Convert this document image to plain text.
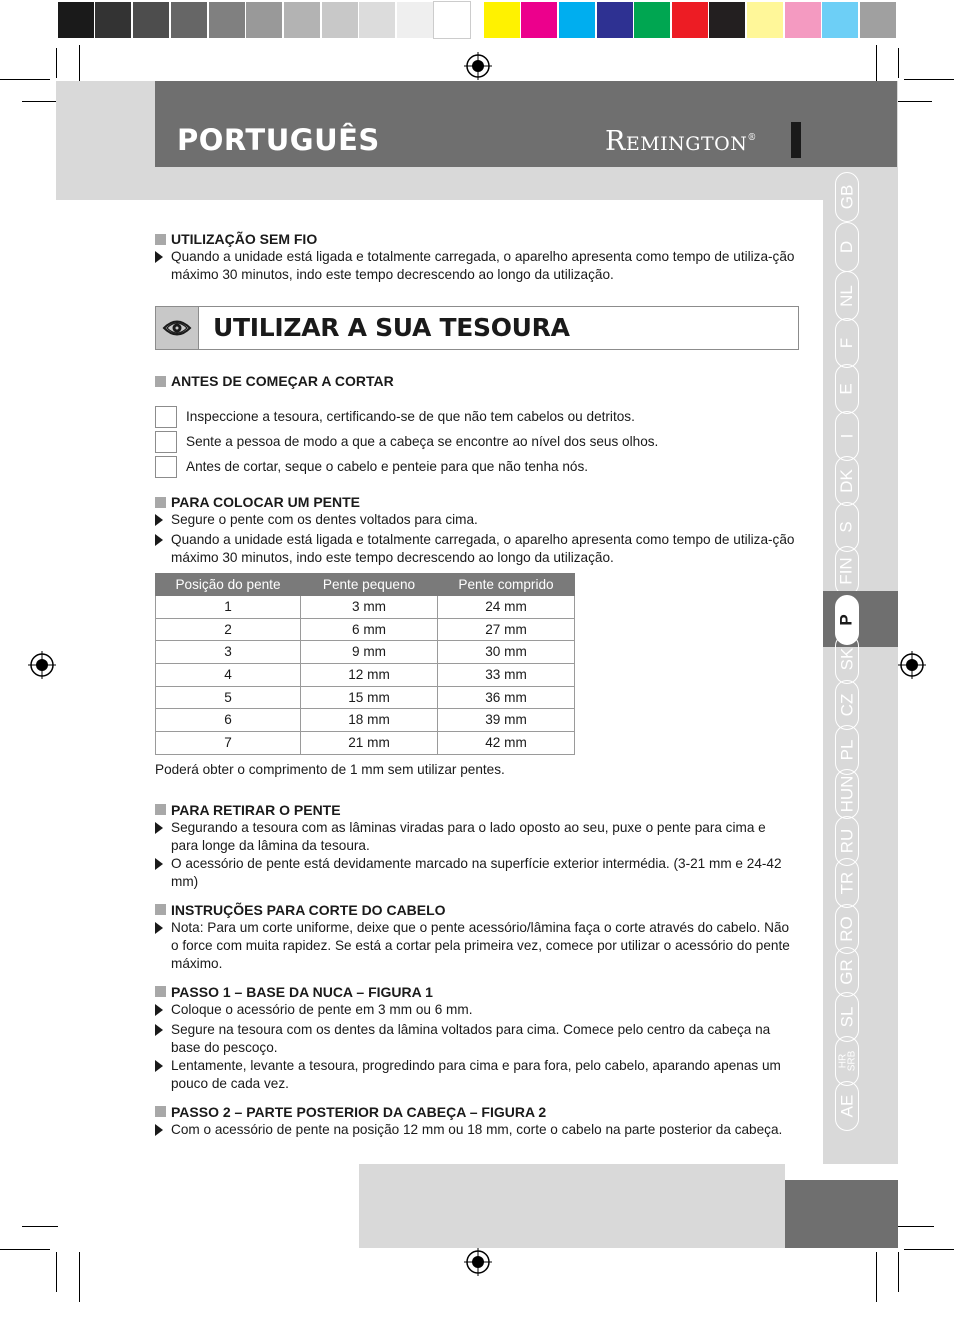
PORTUGUÊS	Remington®
GB
D
NL
F
E
I
DK
S
FIN
P
SK
CZ
PL
HUN
RU
TR
RO
GR
SL
HR
SRB
AE
UTILIZAÇÃO SEM FIO
Quando a unidade está ligada e totalmente carregada, o aparelho apresenta como tempo de utiliza-ção máximo 30 minutos, indo este tempo decrescendo ao longo da utilização.
UTILIZAR A SUA TESOURA
ANTES DE COMEÇAR A CORTAR
Inspeccione a tesoura, certificando-se de que não tem cabelos ou detritos.
Sente a pessoa de modo a que a cabeça se encontre ao nível dos seus olhos.
Antes de cortar, seque o cabelo e penteie para que não tenha nós.
PARA COLOCAR UM PENTE
Segure o pente com os dentes voltados para cima.
Quando a unidade está ligada e totalmente carregada, o aparelho apresenta como tempo de utiliza-ção máximo 30 minutos, indo este tempo decrescendo ao longo da utilização.
Posição do pente	Pente pequeno	Pente comprido
1	3 mm	24 mm
2	6 mm	27 mm
3	9 mm	30 mm
4	12 mm	33 mm
5	15 mm	36 mm
6	18 mm	39 mm
7	21 mm	42 mm
Poderá obter o comprimento de 1 mm sem utilizar pentes.
PARA RETIRAR O PENTE
Segurando a tesoura com as lâminas viradas para o lado oposto ao seu, puxe o pente para cima e para longe da lâmina da tesoura.
O acessório de pente está devidamente marcado na superfície exterior intermédia. (3-21 mm e 24-42 mm)
INSTRUÇÕES PARA CORTE DO CABELO
Nota: Para um corte uniforme, deixe que o pente acessório/lâmina faça o corte através do cabelo. Não o force com muita rapidez. Se está a cortar pela primeira vez, comece por utilizar o acessório do pente máximo.
PASSO 1 – BASE DA NUCA – FIGURA 1
Coloque o acessório de pente em 3 mm ou 6 mm.
Segure na tesoura com os dentes da lâmina voltados para cima. Comece pelo centro da cabeça na base do pescoço.
Lentamente, levante a tesoura, progredindo para cima e para fora, pelo cabelo, aparando apenas um pouco de cada vez.
PASSO 2 – PARTE POSTERIOR DA CABEÇA – FIGURA 2
Com o acessório de pente na posição 12 mm ou 18 mm, corte o cabelo na parte posterior da cabeça.
